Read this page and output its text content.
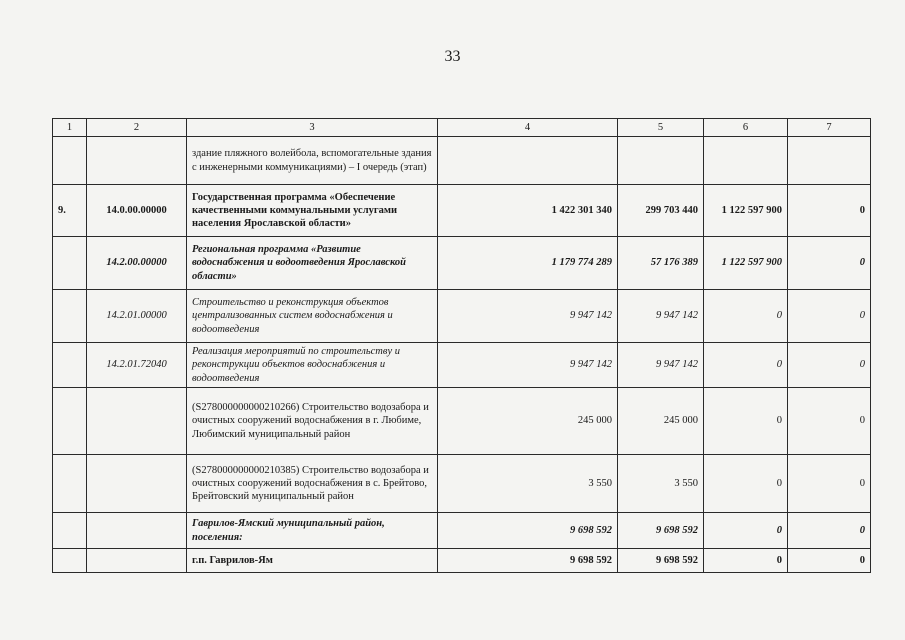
33
1	2	3	4	5	6	7
		здание пляжного волейбола, вспомогательные здания с инженерными коммуникациями) – I очередь (этап)				
9.	14.0.00.00000	Государственная программа «Обеспечение качественными коммунальными услугами населения Ярославской области»	1 422 301 340	299 703 440	1 122 597 900	0
	14.2.00.00000	Региональная программа «Развитие водоснабжения и водоотведения Ярославской области»	1 179 774 289	57 176 389	1 122 597 900	0
	14.2.01.00000	Строительство и реконструкция объектов централизованных систем водоснабжения и водоотведения	9 947 142	9 947 142	0	0
	14.2.01.72040	Реализация мероприятий по строительству и реконструкции объектов водоснабжения и водоотведения	9 947 142	9 947 142	0	0
		(S278000000000210266) Строительство водозабора и очистных сооружений водоснабжения в г. Любиме, Любимский муниципальный район	245 000	245 000	0	0
		(S278000000000210385) Строительство водозабора и очистных сооружений водоснабжения в с. Брейтово, Брейтовский муниципальный район	3 550	3 550	0	0
		Гаврилов-Ямский муниципальный район, поселения:	9 698 592	9 698 592	0	0
		г.п. Гаврилов-Ям	9 698 592	9 698 592	0	0
